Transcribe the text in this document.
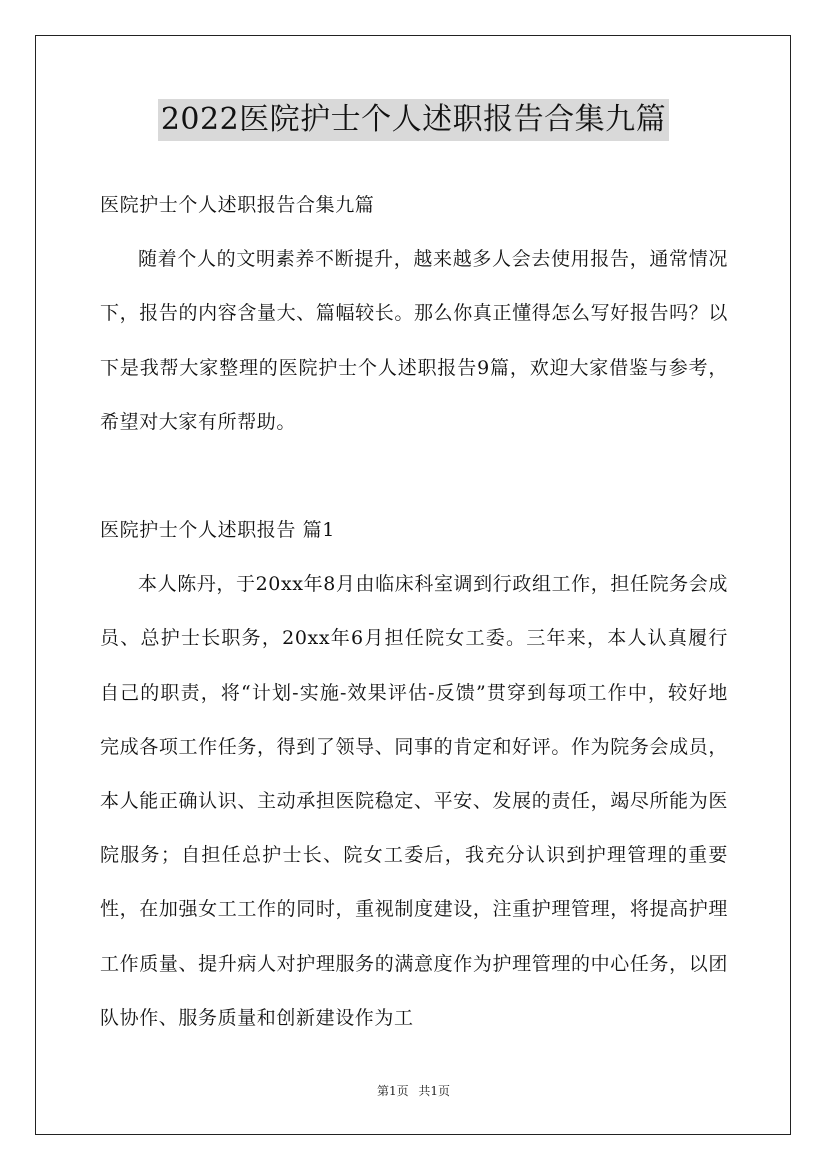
2022医院护士个人述职报告合集九篇

医院护士个人述职报告合集九篇

随着个人的文明素养不断提升，越来越多人会去使用报告，通常情况下，报告的内容含量大、篇幅较长。那么你真正懂得怎么写好报告吗？以下是我帮大家整理的医院护士个人述职报告9篇，欢迎大家借鉴与参考，希望对大家有所帮助。

医院护士个人述职报告 篇1

本人陈丹，于20xx年8月由临床科室调到行政组工作，担任院务会成员、总护士长职务，20xx年6月担任院女工委。三年来，本人认真履行自己的职责，将“计划-实施-效果评估-反馈”贯穿到每项工作中，较好地完成各项工作任务，得到了领导、同事的肯定和好评。作为院务会成员，本人能正确认识、主动承担医院稳定、平安、发展的责任，竭尽所能为医院服务；自担任总护士长、院女工委后，我充分认识到护理管理的重要性，在加强女工工作的同时，重视制度建设，注重护理管理，将提高护理工作质量、提升病人对护理服务的满意度作为护理管理的中心任务，以团队协作、服务质量和创新建设作为工

第1页 共1页
